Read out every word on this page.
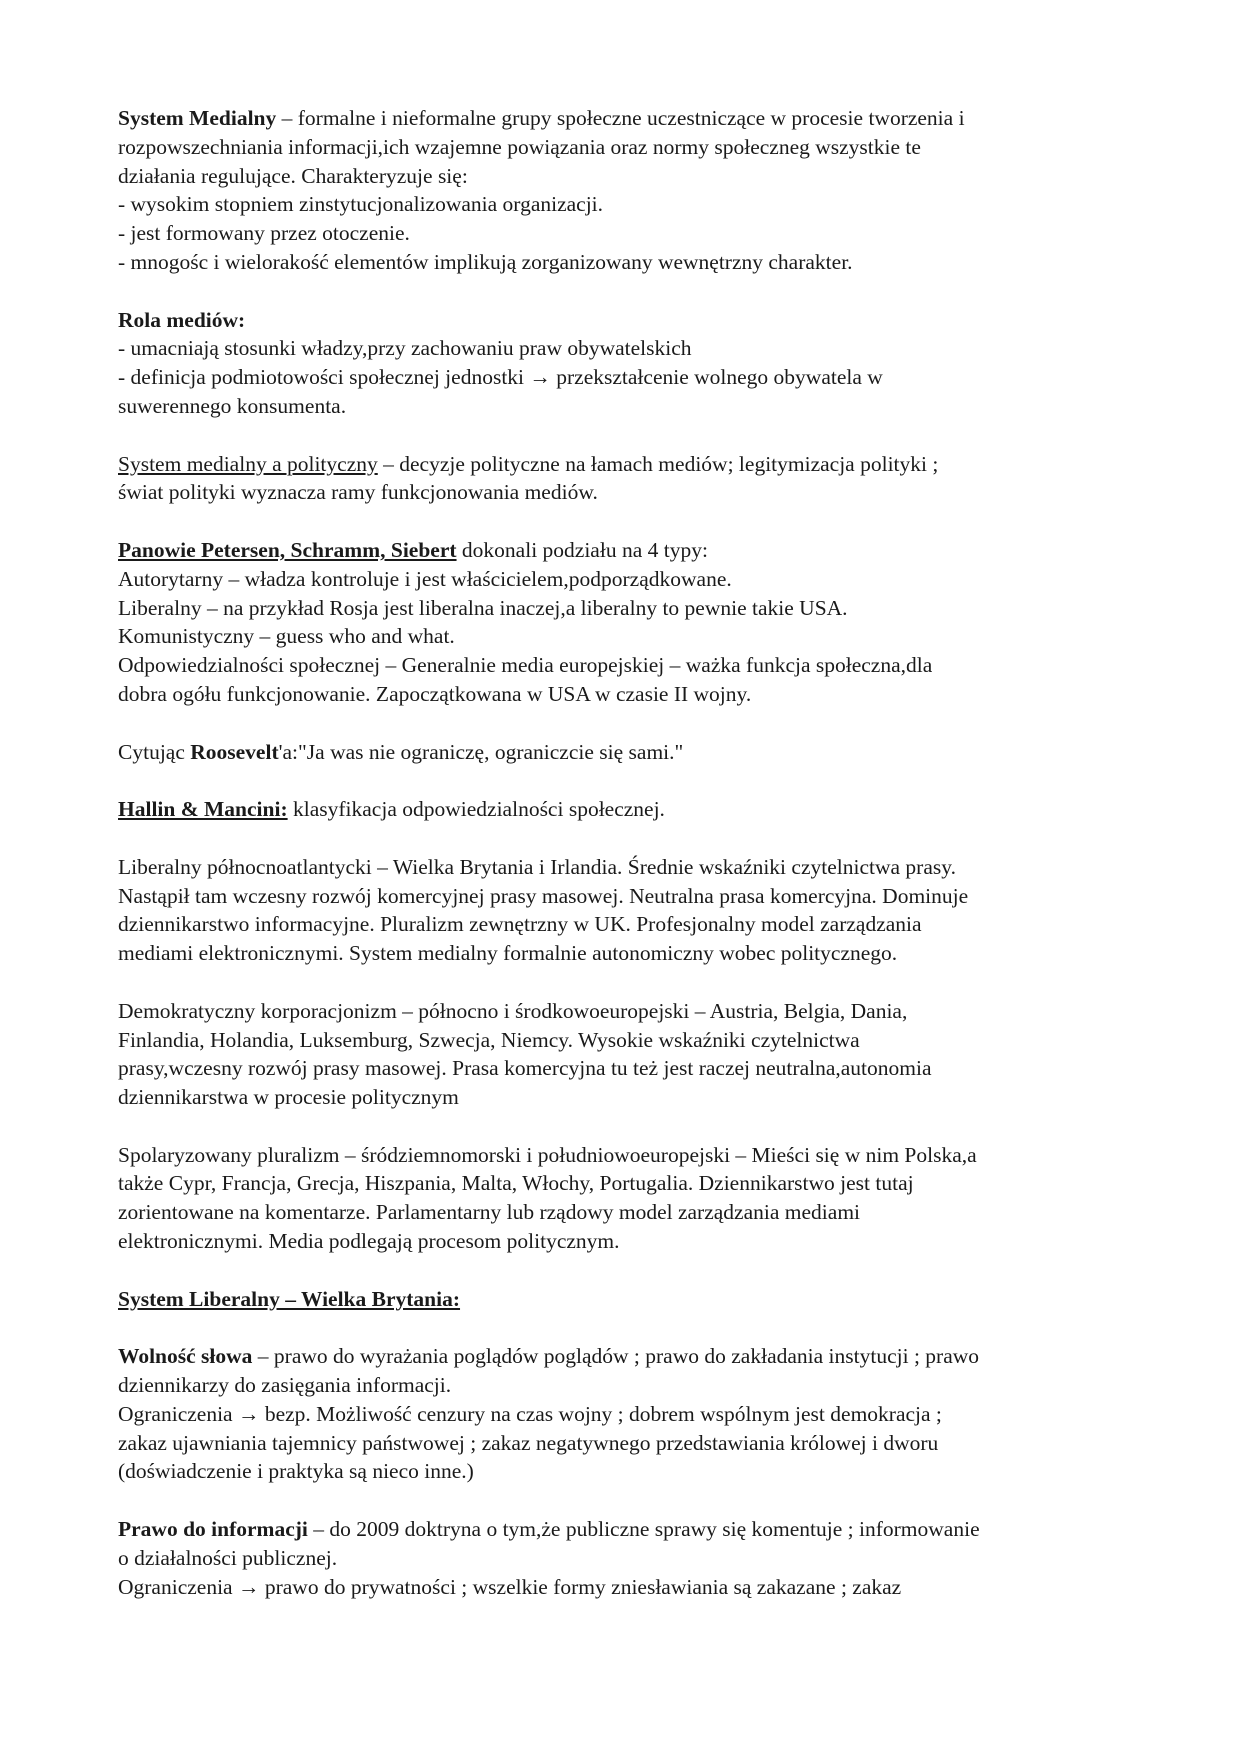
System Medialny – formalne i nieformalne grupy społeczne uczestniczące w procesie tworzenia i
rozpowszechniania informacji,ich wzajemne powiązania oraz normy społeczneg wszystkie te
działania regulujące. Charakteryzuje się:
- wysokim stopniem zinstytucjonalizowania organizacji.
- jest formowany przez otoczenie.
- mnogośc i wielorakość elementów implikują zorganizowany wewnętrzny charakter.
Rola mediów:
- umacniają stosunki władzy,przy zachowaniu praw obywatelskich
- definicja podmiotowości społecznej jednostki → przekształcenie wolnego obywatela w
suwerennego konsumenta.
System medialny a polityczny – decyzje polityczne na łamach mediów; legitymizacja polityki ;
świat polityki wyznacza ramy funkcjonowania mediów.
Panowie Petersen, Schramm, Siebert dokonali podziału na 4 typy:
Autorytarny – władza kontroluje i jest właścicielem,podporządkowane.
Liberalny – na przykład Rosja jest liberalna inaczej,a liberalny to pewnie takie USA.
Komunistyczny – guess who and what.
Odpowiedzialności społecznej – Generalnie media europejskiej – ważka funkcja społeczna,dla
dobra ogółu funkcjonowanie. Zapoczątkowana w USA w czasie II wojny.
Cytując Roosevelt'a:"Ja was nie ograniczę, ograniczcie się sami."
Hallin & Mancini: klasyfikacja odpowiedzialności społecznej.
Liberalny północnoatlantycki – Wielka Brytania i Irlandia. Średnie wskaźniki czytelnictwa prasy.
Nastąpił tam wczesny rozwój komercyjnej prasy masowej. Neutralna prasa komercyjna. Dominuje
dziennikarstwo informacyjne. Pluralizm zewnętrzny w UK. Profesjonalny model zarządzania
mediami elektronicznymi. System medialny formalnie autonomiczny wobec politycznego.
Demokratyczny korporacjonizm – północno i środkowoeuropejski – Austria, Belgia, Dania,
Finlandia, Holandia, Luksemburg, Szwecja, Niemcy. Wysokie wskaźniki czytelnictwa
prasy,wczesny rozwój prasy masowej. Prasa komercyjna tu też jest raczej neutralna,autonomia
dziennikarstwa w procesie politycznym
Spolaryzowany pluralizm – śródziemnomorski i południowoeuropejski – Mieści się w nim Polska,a
także Cypr, Francja, Grecja, Hiszpania, Malta, Włochy, Portugalia. Dziennikarstwo jest tutaj
zorientowane na komentarze. Parlamentarny lub rządowy model zarządzania mediami
elektronicznymi. Media podlegają procesom politycznym.
System Liberalny – Wielka Brytania:
Wolność słowa – prawo do wyrażania poglądów poglądów ; prawo do zakładania instytucji ; prawo
dziennikarzy do zasięgania informacji.
Ograniczenia → bezp. Możliwość cenzury na czas wojny ; dobrem wspólnym jest demokracja ;
zakaz ujawniania tajemnicy państwowej ; zakaz negatywnego przedstawiania królowej i dworu
(doświadczenie i praktyka są nieco inne.)
Prawo do informacji – do 2009 doktryna o tym,że publiczne sprawy się komentuje ; informowanie
o działalności publicznej.
Ograniczenia → prawo do prywatności ; wszelkie formy zniesławiania są zakazane ; zakaz
